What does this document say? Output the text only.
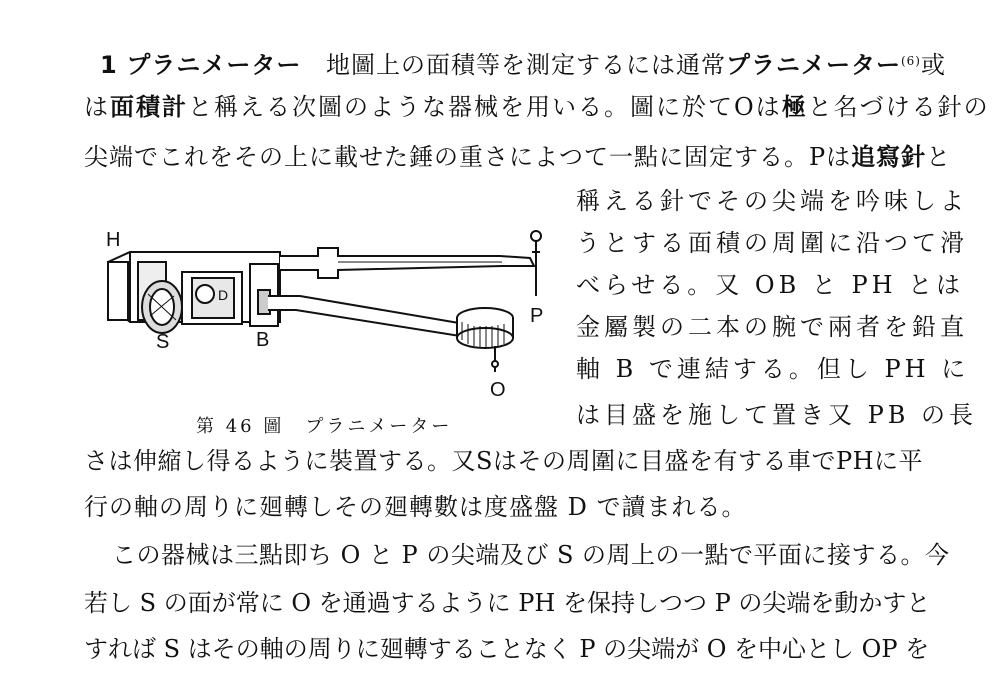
1 プラニメーター 地圖上の面積等を測定するには通常プラニメーター$^{(6)}$或
は面積計と稱える次圖のような器械を用いる。圖に於てOは極と名づける針の
尖端でこれをその上に載せた錘の重さによつて一點に固定する。Pは追寫針と
稱える針でその尖端を吟味しよ
うとする面積の周圍に沿つて滑
べらせる。又 OB と PH とは
金屬製の二本の腕で兩者を鉛直
軸 B で連結する。但し PH に
は目盛を施して置き又 PB の長
H
S	B
D
P
O
第 46 圖　プラニメーター
さは伸縮し得るように裝置する。又Sはその周圍に目盛を有する車でPHに平
行の軸の周りに廻轉しその廻轉數は度盛盤 D で讀まれる。
この器械は三點即ち O と P の尖端及び S の周上の一點で平面に接する。今
若し S の面が常に O を通過するように PH を保持しつつ P の尖端を動かすと
すれば S はその軸の周りに廻轉することなく P の尖端が O を中心とし OP を
